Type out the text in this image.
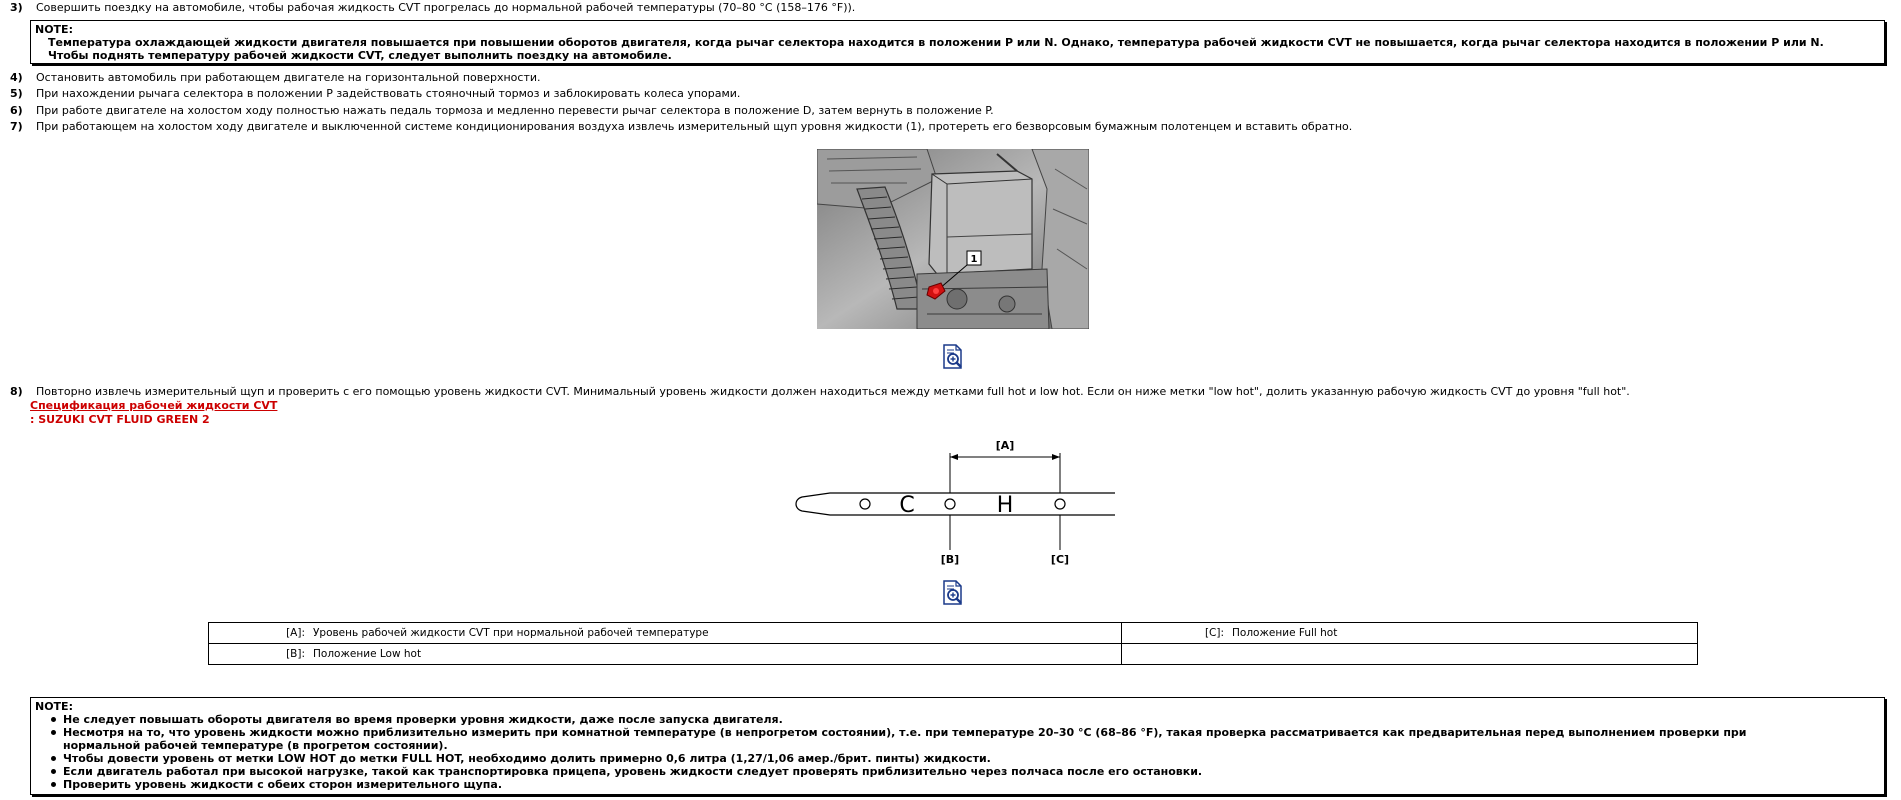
3)	Совершить поездку на автомобиле, чтобы рабочая жидкость CVT прогрелась до нормальной рабочей температуры (70–80 °C (158–176 °F)).
NOTE:
Температура охлаждающей жидкости двигателя повышается при повышении оборотов двигателя, когда рычаг селектора находится в положении P или N. Однако, температура рабочей жидкости CVT не повышается, когда рычаг селектора находится в положении P или N.
Чтобы поднять температуру рабочей жидкости CVT, следует выполнить поездку на автомобиле.
4)	Остановить автомобиль при работающем двигателе на горизонтальной поверхности.
5)	При нахождении рычага селектора в положении P задействовать стояночный тормоз и заблокировать колеса упорами.
6)	При работе двигателе на холостом ходу полностью нажать педаль тормоза и медленно перевести рычаг селектора в положение D, затем вернуть в положение P.
7)	При работающем на холостом ходу двигателе и выключенной системе кондиционирования воздуха извлечь измерительный щуп уровня жидкости (1), протереть его безворсовым бумажным полотенцем и вставить обратно.
1
8)	Повторно извлечь измерительный щуп и проверить с его помощью уровень жидкости CVT. Минимальный уровень жидкости должен находиться между метками full hot и low hot. Если он ниже метки "low hot", долить указанную рабочую жидкость CVT до уровня "full hot".
Спецификация рабочей жидкости CVT
: SUZUKI CVT FLUID GREEN 2
[A]
C	H
[B]	[C]
[A]: Уровень рабочей жидкости CVT при нормальной рабочей температуре	[C]: Положение Full hot
[B]: Положение Low hot	
NOTE:
Не следует повышать обороты двигателя во время проверки уровня жидкости, даже после запуска двигателя.
Несмотря на то, что уровень жидкости можно приблизительно измерить при комнатной температуре (в непрогретом состоянии), т.е. при температуре 20–30 °C (68–86 °F), такая проверка рассматривается как предварительная перед выполнением проверки при
нормальной рабочей температуре (в прогретом состоянии).
Чтобы довести уровень от метки LOW HOT до метки FULL HOT, необходимо долить примерно 0,6 литра (1,27/1,06 амер./брит. пинты) жидкости.
Если двигатель работал при высокой нагрузке, такой как транспортировка прицепа, уровень жидкости следует проверять приблизительно через полчаса после его остановки.
Проверить уровень жидкости с обеих сторон измерительного щупа.
